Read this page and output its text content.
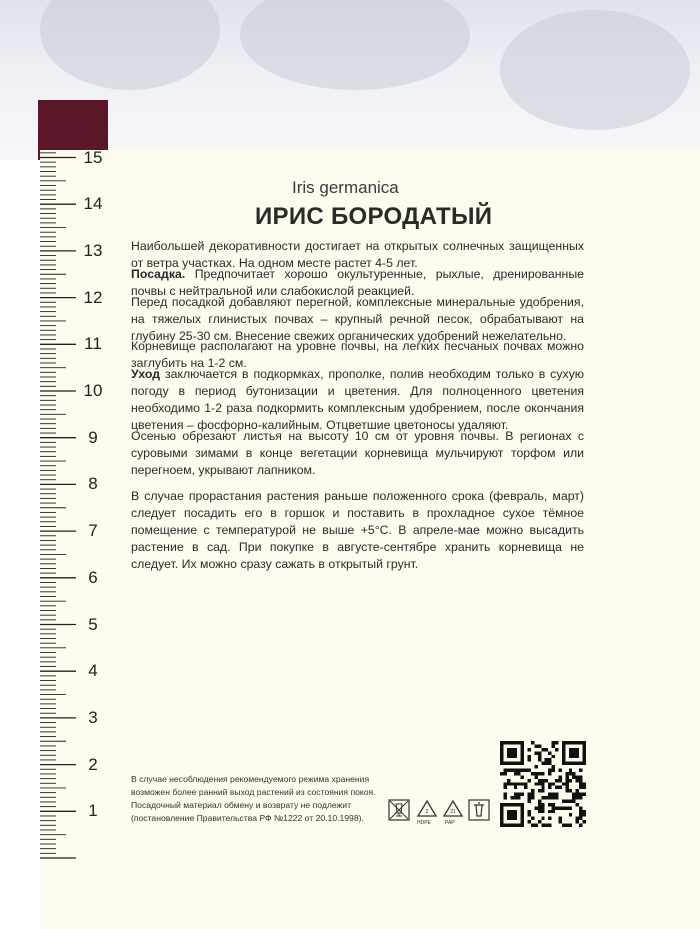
15
14
13
12
11
10
9
8
7
6
5
4
3
2
1
Iris germanica
ИРИС БОРОДАТЫЙ

Наибольшей декоративности достигает на открытых солнечных защищенных от ветра участках. На одном месте растет 4-5 лет.

Посадка. Предпочитает хорошо окультуренные, рыхлые, дренированные почвы с нейтральной или слабокислой реакцией.

Перед посадкой добавляют перегной, комплексные минеральные удобрения, на тяжелых глинистых почвах – крупный речной песок, обрабатывают на глубину 25-30 см. Внесение свежих органических удобрений нежелательно.

Корневище располагают на уровне почвы, на легких песчаных почвах можно заглубить на 1-2 см.

Уход заключается в подкормках, прополке, полив необходим только в сухую погоду в период бутонизации и цветения. Для полноценного цветения необходимо 1-2 раза подкормить комплексным удобрением, после окончания цветения – фосфорно-калийным. Отцветшие цветоносы удаляют.

Осенью обрезают листья на высоту 10 см от уровня почвы. В регионах с суровыми зимами в конце вегетации корневища мульчируют торфом или перегноем, укрывают лапником.

В случае прорастания растения раньше положенного срока (февраль, март) следует посадить его в горшок и поставить в прохладное сухое тёмное помещение с температурой не выше +5°С. В апреле-мае можно высадить растение в сад. При покупке в августе-сентябре хранить корневища не следует. Их можно сразу сажать в открытый грунт.

В случае несоблюдения рекомендуемого режима хранения
возможен более ранний выход растений из состояния покоя.
Посадочный материал обмену и возврату не подлежит
(постановление Правительства РФ №1222 от 20.10.1998).
2
HDPE
21
PAP
